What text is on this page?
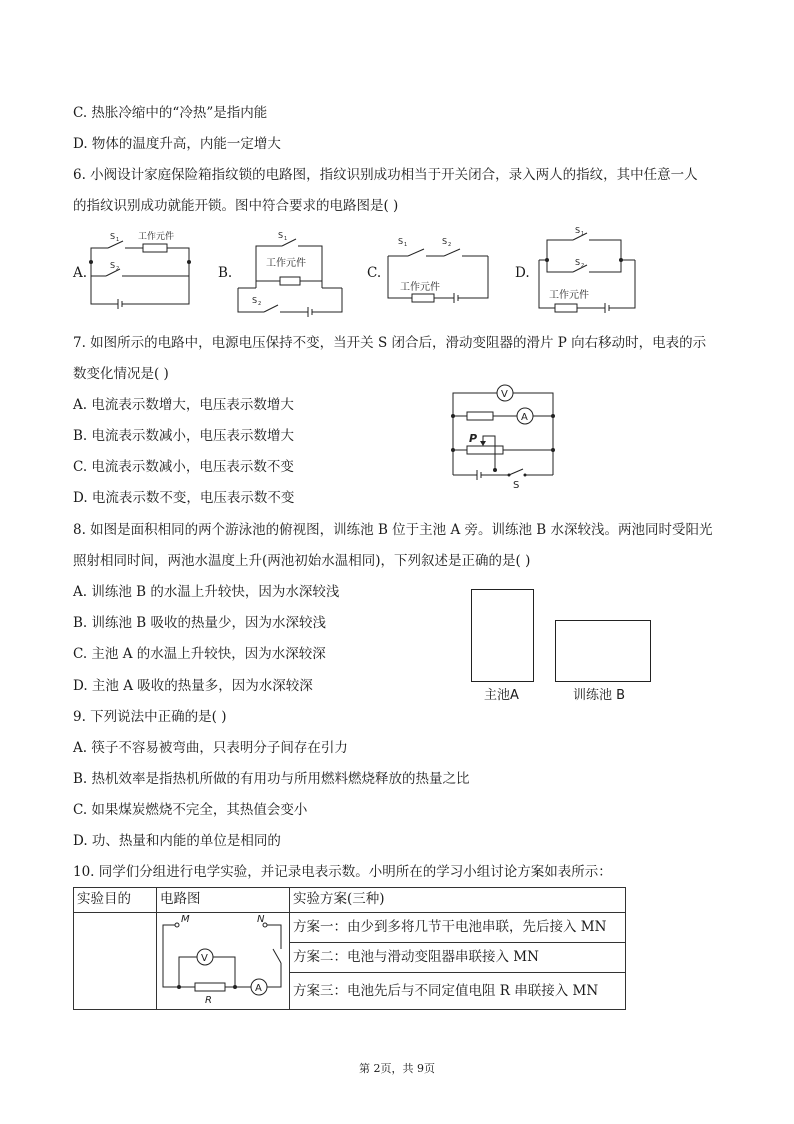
C. 热胀冷缩中的“冷热”是指内能
D. 物体的温度升高，内能一定增大
6. 小阀设计家庭保险箱指纹锁的电路图，指纹识别成功相当于开关闭合，录入两人的指纹，其中任意一人
的指纹识别成功就能开锁。图中符合要求的电路图是( )
A.	B.	C.	D.
S 1 工作元件
S 2
S 1
工作元件
S 2
S 1	S 2
工作元件
S 1
S 2
工作元件
7. 如图所示的电路中，电源电压保持不变，当开关 S 闭合后，滑动变阻器的滑片 P 向右移动时，电表的示
数变化情况是( )
A. 电流表示数增大，电压表示数增大
B. 电流表示数减小，电压表示数增大
C. 电流表示数减小，电压表示数不变
D. 电流表示数不变，电压表示数不变
V
A
P
S
8. 如图是面积相同的两个游泳池的俯视图，训练池 B 位于主池 A 旁。训练池 B 水深较浅。两池同时受阳光
照射相同时间，两池水温度上升(两池初始水温相同)，下列叙述是正确的是( )
A. 训练池 B 的水温上升较快，因为水深较浅
B. 训练池 B 吸收的热量少，因为水深较浅
C. 主池 A 的水温上升较快，因为水深较深
D. 主池 A 吸收的热量多，因为水深较深
主池A	训练池 B
9. 下列说法中正确的是( )
A. 筷子不容易被弯曲，只表明分子间存在引力
B. 热机效率是指热机所做的有用功与所用燃料燃烧释放的热量之比
C. 如果煤炭燃烧不完全，其热值会变小
D. 功、热量和内能的单位是相同的
10. 同学们分组进行电学实验，并记录电表示数。小明所在的学习小组讨论方案如表所示：
实验目的	电路图	实验方案(三种)

M N
V
A
R	方案一：由少到多将几节干电池串联，先后接入 MN
		方案二：电池与滑动变阻器串联接入 MN
		方案三：电池先后与不同定值电阻 R 串联接入 MN
第 2页，共 9页
